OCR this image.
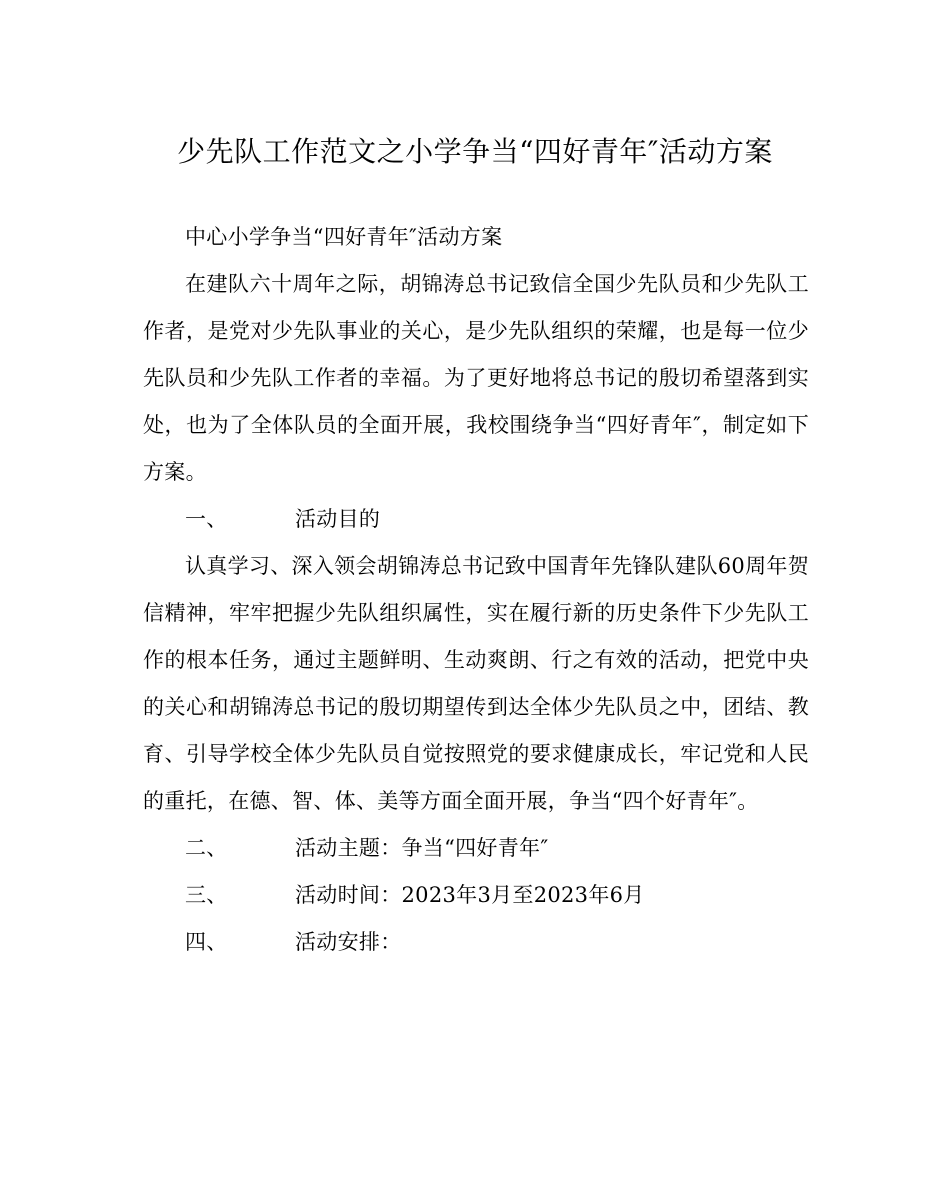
少先队工作范文之小学争当“四好青年″活动方案

中心小学争当“四好青年″活动方案

在建队六十周年之际，胡锦涛总书记致信全国少先队员和少先队工作者，是党对少先队事业的关心，是少先队组织的荣耀，也是每一位少先队员和少先队工作者的幸福。为了更好地将总书记的殷切希望落到实处，也为了全体队员的全面开展，我校围绕争当“四好青年″，制定如下方案。

一、	活动目的

认真学习、深入领会胡锦涛总书记致中国青年先锋队建队60周年贺信精神，牢牢把握少先队组织属性，实在履行新的历史条件下少先队工作的根本任务，通过主题鲜明、生动爽朗、行之有效的活动，把党中央的关心和胡锦涛总书记的殷切期望传到达全体少先队员之中，团结、教育、引导学校全体少先队员自觉按照党的要求健康成长，牢记党和人民的重托，在德、智、体、美等方面全面开展，争当“四个好青年″。

二、	活动主题：争当“四好青年″
三、	活动时间：2023年3月至2023年6月
四、	活动安排：
